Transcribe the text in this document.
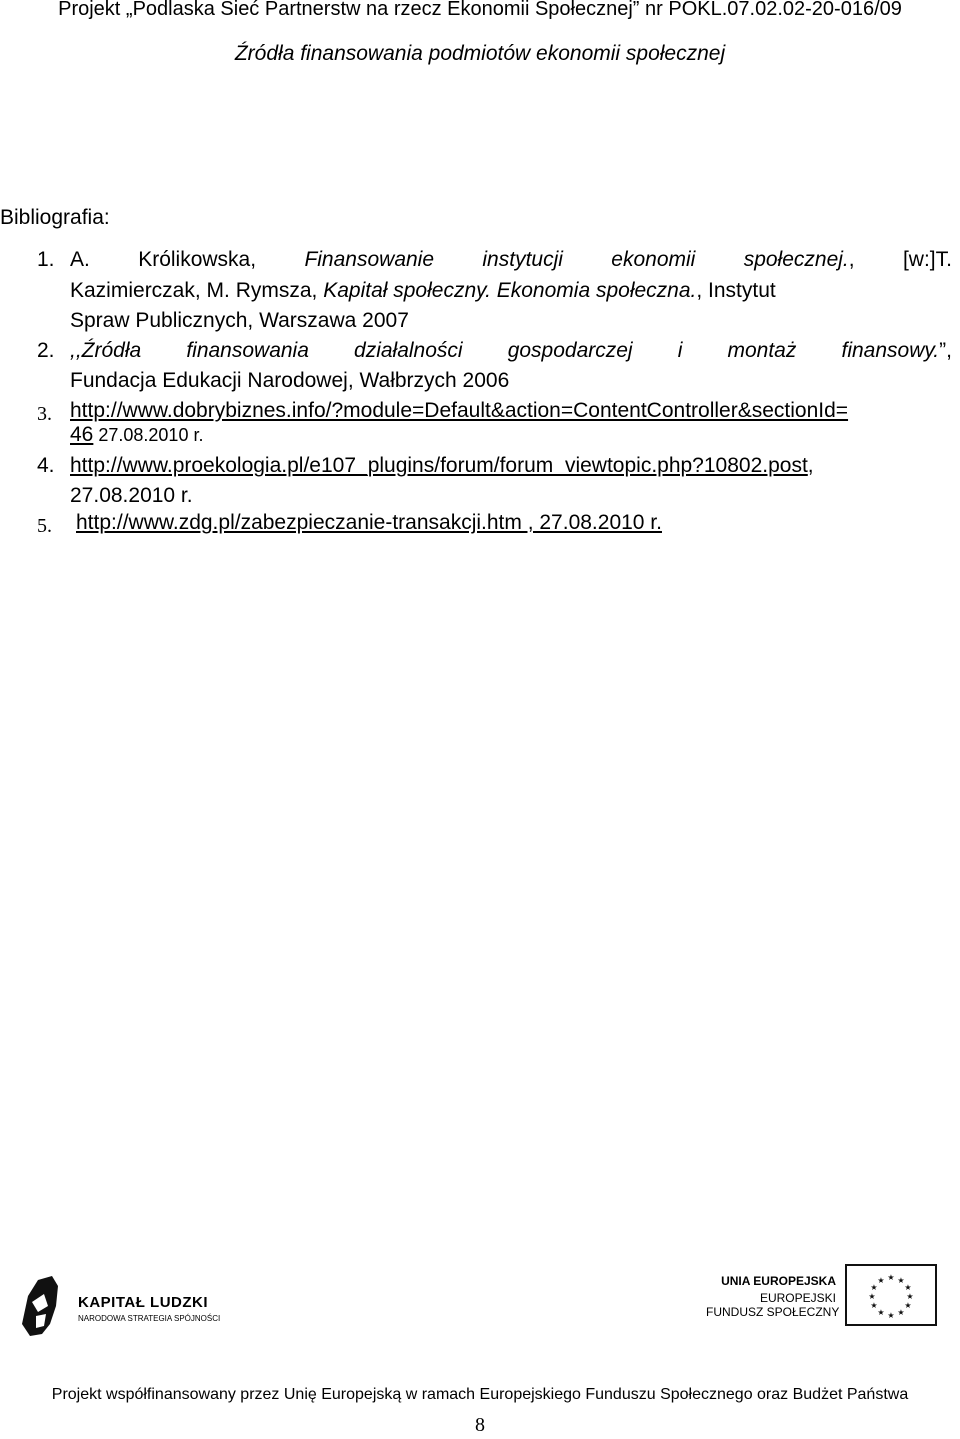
Projekt „Podlaska Sieć Partnerstw na rzecz Ekonomii Społecznej” nr POKL.07.02.02-20-016/09
Źródła finansowania podmiotów ekonomii społecznej
Bibliografia:
1. A. Królikowska, Finansowanie instytucji ekonomii społecznej., [w:]T.
Kazimierczak, M. Rymsza, Kapitał społeczny. Ekonomia społeczna., Instytut
Spraw Publicznych, Warszawa 2007
2. ,,Źródła finansowania działalności gospodarczej i montaż finansowy.”,
Fundacja Edukacji Narodowej, Wałbrzych 2006
3. http://www.dobrybiznes.info/?module=Default&action=ContentController&sectionId=
46 27.08.2010 r.
4. http://www.proekologia.pl/e107_plugins/forum/forum_viewtopic.php?10802.post,
27.08.2010 r.
5. http://www.zdg.pl/zabezpieczanie-transakcji.htm , 27.08.2010 r.
KAPITAŁ LUDZKI
NARODOWA STRATEGIA SPÓJNOŚCI
UNIA EUROPEJSKA
EUROPEJSKI
FUNDUSZ SPOŁECZNY
★ ★
★
★
★
★
★
★
★
★
★
★
Projekt współfinansowany przez Unię Europejską w ramach Europejskiego Funduszu Społecznego oraz Budżet Państwa
8
